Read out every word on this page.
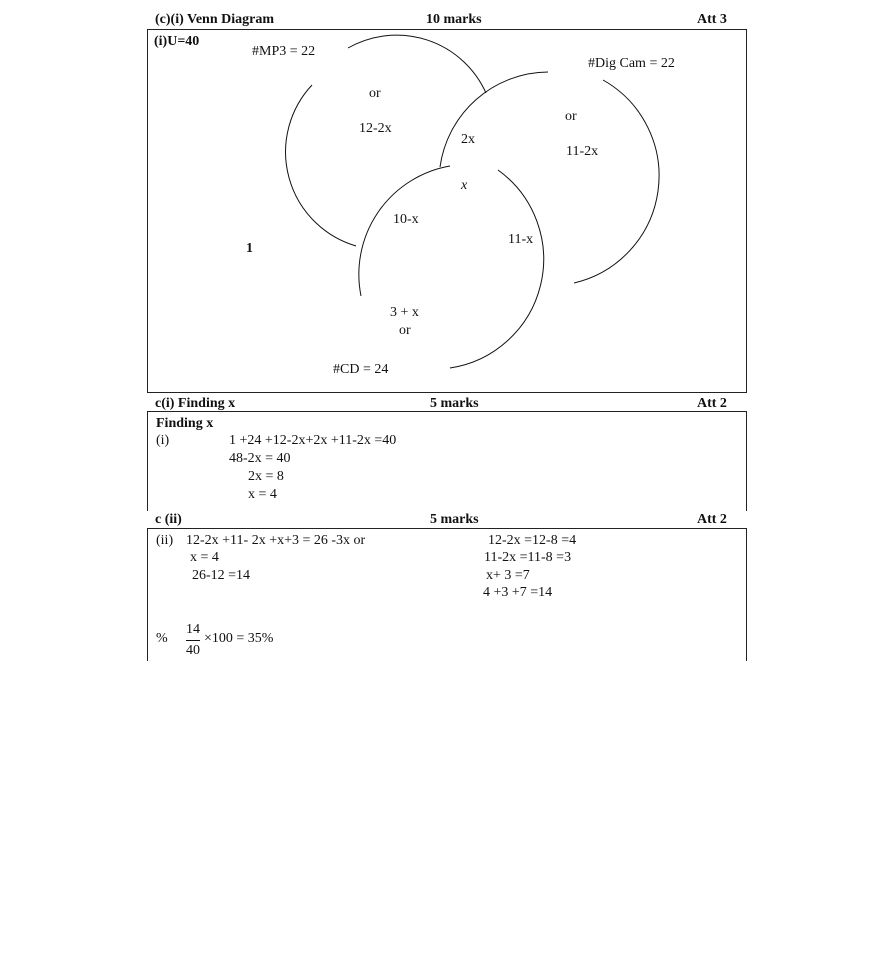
(c)(i) Venn Diagram	10 marks	Att 3
(i)U=40
#MP3 = 22
#Dig Cam = 22
#CD = 24
1
or
12-2x
2x
or
11-2x
x
10-x
11-x
3 + x
or
c(i) Finding x	5 marks	Att 2
Finding x
(i)	1 +24 +12-2x+2x +11-2x =40
48-2x = 40
2x = 8
x = 4
c (ii)	5 marks	Att 2
(ii) 12-2x +11- 2x +x+3 = 26 -3x or
x = 4
26-12 =14
12-2x =12-8 =4
11-2x =11-8 =3
x+ 3 =7
4 +3 +7 =14
%
14
40
×100 = 35%
